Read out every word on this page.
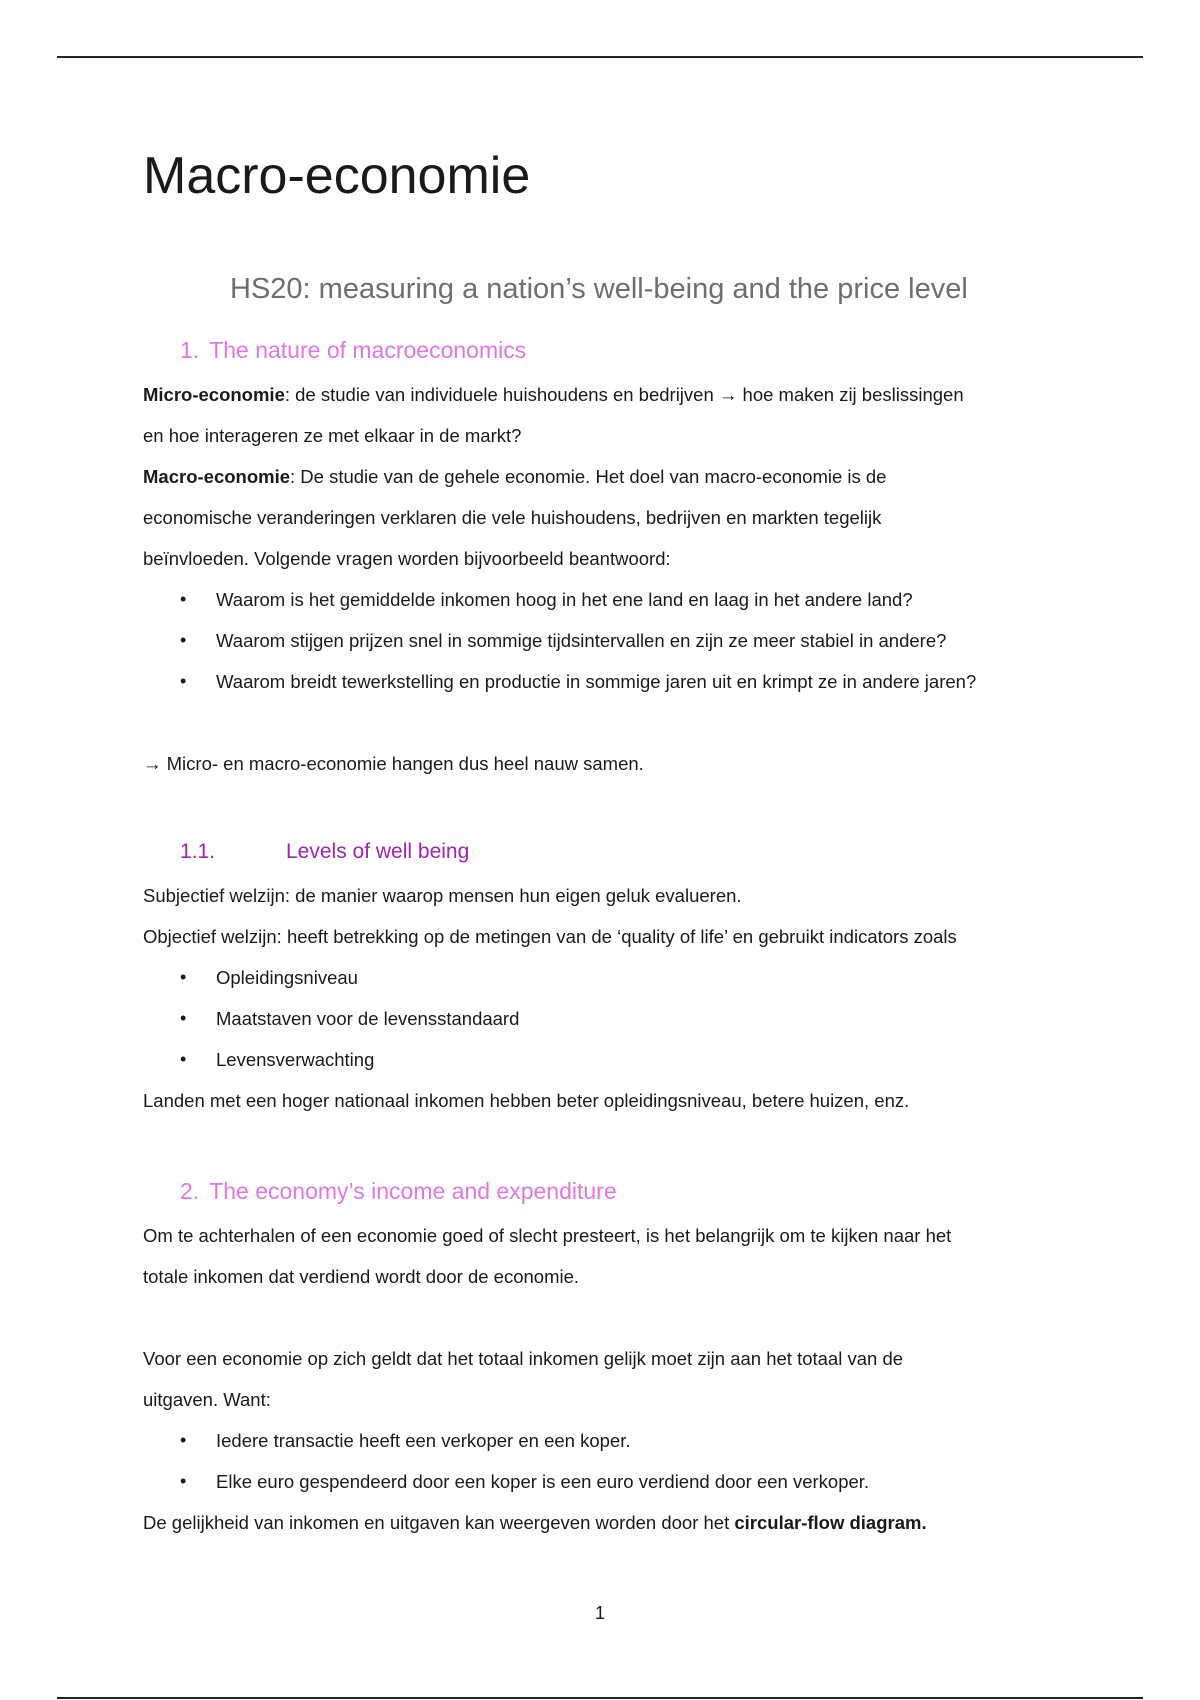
Macro-economie
HS20: measuring a nation’s well-being and the price level
1. The nature of macroeconomics
Micro-economie: de studie van individuele huishoudens en bedrijven → hoe maken zij beslissingen
en hoe interageren ze met elkaar in de markt?
Macro-economie: De studie van de gehele economie. Het doel van macro-economie is de
economische veranderingen verklaren die vele huishoudens, bedrijven en markten tegelijk
beïnvloeden. Volgende vragen worden bijvoorbeeld beantwoord:
• Waarom is het gemiddelde inkomen hoog in het ene land en laag in het andere land?
• Waarom stijgen prijzen snel in sommige tijdsintervallen en zijn ze meer stabiel in andere?
• Waarom breidt tewerkstelling en productie in sommige jaren uit en krimpt ze in andere jaren?
→ Micro- en macro-economie hangen dus heel nauw samen.
1.1.	Levels of well being
Subjectief welzijn: de manier waarop mensen hun eigen geluk evalueren.
Objectief welzijn: heeft betrekking op de metingen van de ‘quality of life’ en gebruikt indicators zoals
• Opleidingsniveau
• Maatstaven voor de levensstandaard
• Levensverwachting
Landen met een hoger nationaal inkomen hebben beter opleidingsniveau, betere huizen, enz.
2. The economy’s income and expenditure
Om te achterhalen of een economie goed of slecht presteert, is het belangrijk om te kijken naar het
totale inkomen dat verdiend wordt door de economie.
Voor een economie op zich geldt dat het totaal inkomen gelijk moet zijn aan het totaal van de
uitgaven. Want:
• Iedere transactie heeft een verkoper en een koper.
• Elke euro gespendeerd door een koper is een euro verdiend door een verkoper.
De gelijkheid van inkomen en uitgaven kan weergeven worden door het circular-flow diagram.
1
